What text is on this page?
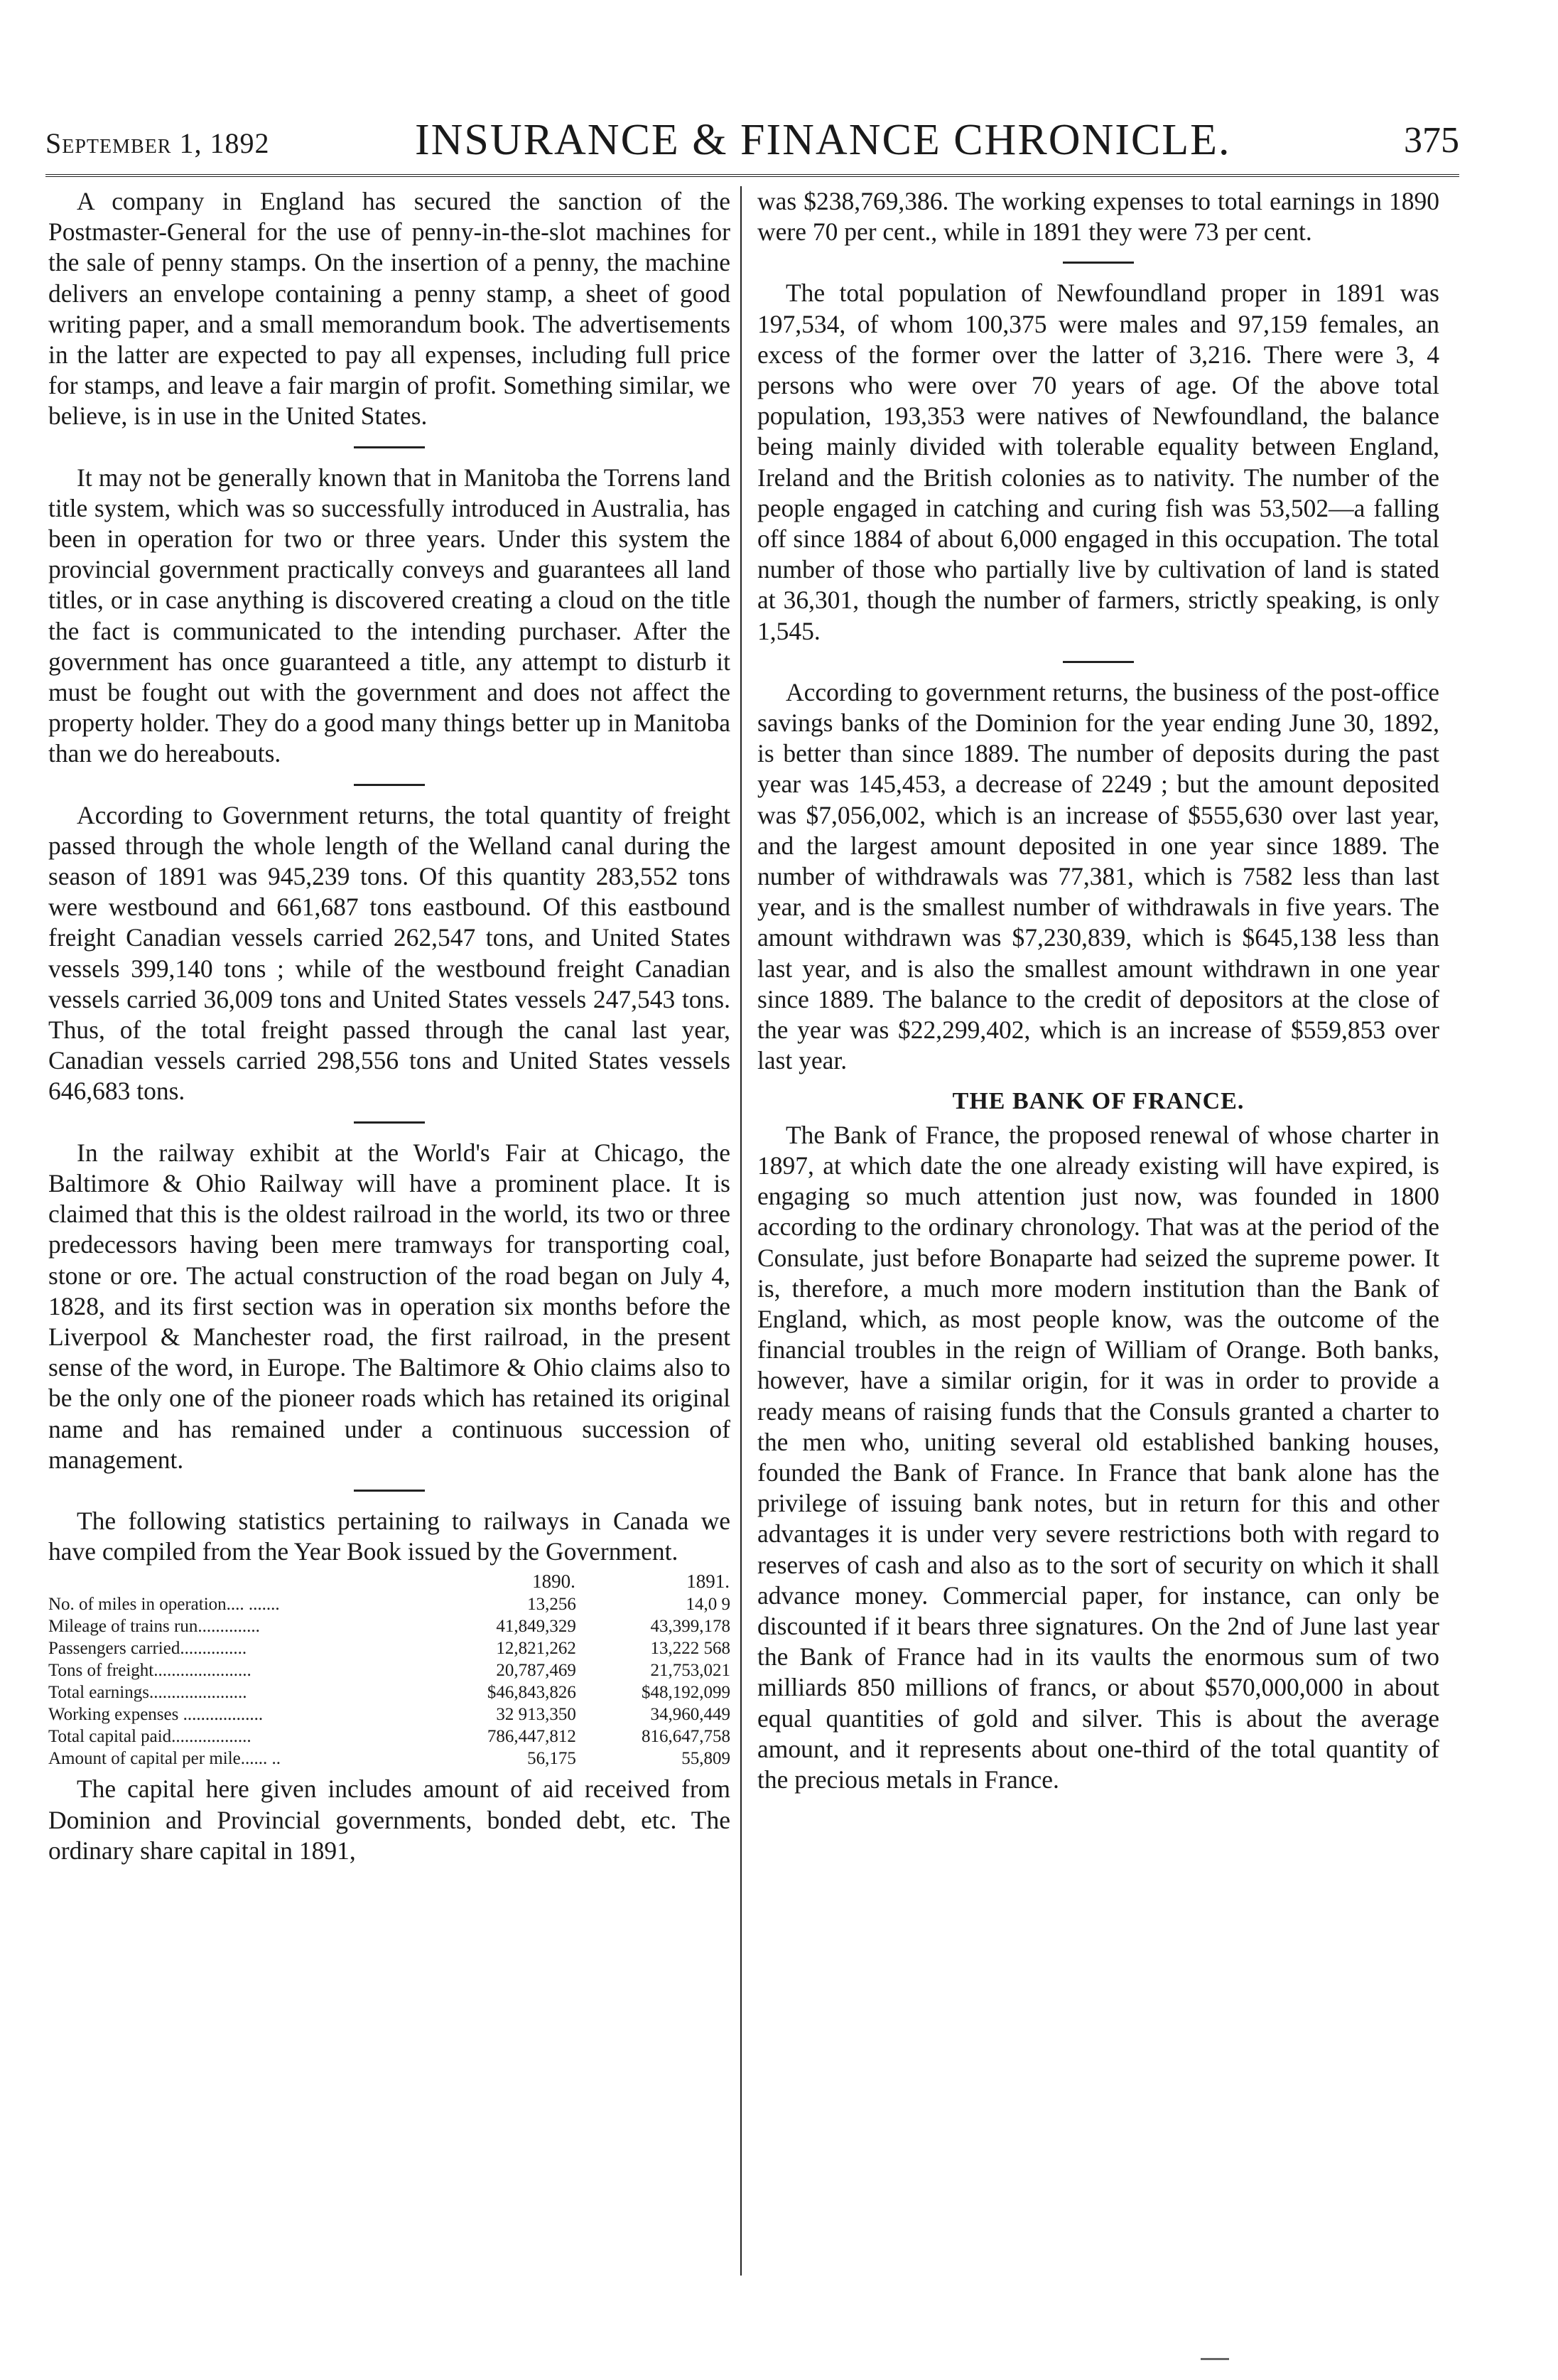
September 1, 1892	INSURANCE & FINANCE CHRONICLE.	375

A company in England has secured the sanction of the Postmaster-General for the use of penny-in-the-slot machines for the sale of penny stamps. On the insertion of a penny, the machine delivers an envelope containing a penny stamp, a sheet of good writing paper, and a small memorandum book. The advertisements in the latter are expected to pay all expenses, including full price for stamps, and leave a fair margin of profit. Something similar, we believe, is in use in the United States.

It may not be generally known that in Manitoba the Torrens land title system, which was so successfully introduced in Australia, has been in operation for two or three years. Under this system the provincial government practically conveys and guarantees all land titles, or in case anything is discovered creating a cloud on the title the fact is communicated to the intending purchaser. After the government has once guaranteed a title, any attempt to disturb it must be fought out with the government and does not affect the property holder. They do a good many things better up in Manitoba than we do hereabouts.

According to Government returns, the total quantity of freight passed through the whole length of the Welland canal during the season of 1891 was 945,239 tons. Of this quantity 283,552 tons were westbound and 661,687 tons eastbound. Of this eastbound freight Canadian vessels carried 262,547 tons, and United States vessels 399,140 tons ; while of the westbound freight Canadian vessels carried 36,009 tons and United States vessels 247,543 tons. Thus, of the total freight passed through the canal last year, Canadian vessels carried 298,556 tons and United States vessels 646,683 tons.

In the railway exhibit at the World's Fair at Chicago, the Baltimore & Ohio Railway will have a prominent place. It is claimed that this is the oldest railroad in the world, its two or three predecessors having been mere tramways for transporting coal, stone or ore. The actual construction of the road began on July 4, 1828, and its first section was in operation six months before the Liverpool & Manchester road, the first railroad, in the present sense of the word, in Europe. The Baltimore & Ohio claims also to be the only one of the pioneer roads which has retained its original name and has remained under a continuous succession of management.

The following statistics pertaining to railways in Canada we have compiled from the Year Book issued by the Government.

	1890.	1891.
No. of miles in operation.... .......	13,256	14,0 9
Mileage of trains run..............	41,849,329	43,399,178
Passengers carried...............	12,821,262	13,222 568
Tons of freight......................	20,787,469	21,753,021
Total earnings......................	$46,843,826	$48,192,099
Working expenses ..................	32 913,350	34,960,449
Total capital paid..................	786,447,812	816,647,758
Amount of capital per mile...... ..	56,175	55,809

The capital here given includes amount of aid received from Dominion and Provincial governments, bonded debt, etc. The ordinary share capital in 1891,

was $238,769,386. The working expenses to total earnings in 1890 were 70 per cent., while in 1891 they were 73 per cent.

The total population of Newfoundland proper in 1891 was 197,534, of whom 100,375 were males and 97,159 females, an excess of the former over the latter of 3,216. There were 3, 4 persons who were over 70 years of age. Of the above total population, 193,353 were natives of Newfoundland, the balance being mainly divided with tolerable equality between England, Ireland and the British colonies as to nativity. The number of the people engaged in catching and curing fish was 53,502—a falling off since 1884 of about 6,000 engaged in this occupation. The total number of those who partially live by cultivation of land is stated at 36,301, though the number of farmers, strictly speaking, is only 1,545.

According to government returns, the business of the post-office savings banks of the Dominion for the year ending June 30, 1892, is better than since 1889. The number of deposits during the past year was 145,453, a decrease of 2249 ; but the amount deposited was $7,056,002, which is an increase of $555,630 over last year, and the largest amount deposited in one year since 1889. The number of withdrawals was 77,381, which is 7582 less than last year, and is the smallest number of withdrawals in five years. The amount withdrawn was $7,230,839, which is $645,138 less than last year, and is also the smallest amount withdrawn in one year since 1889. The balance to the credit of depositors at the close of the year was $22,299,402, which is an increase of $559,853 over last year.

THE BANK OF FRANCE.

The Bank of France, the proposed renewal of whose charter in 1897, at which date the one already existing will have expired, is engaging so much attention just now, was founded in 1800 according to the ordinary chronology. That was at the period of the Consulate, just before Bonaparte had seized the supreme power. It is, therefore, a much more modern institution than the Bank of England, which, as most people know, was the outcome of the financial troubles in the reign of William of Orange. Both banks, however, have a similar origin, for it was in order to provide a ready means of raising funds that the Consuls granted a charter to the men who, uniting several old established banking houses, founded the Bank of France. In France that bank alone has the privilege of issuing bank notes, but in return for this and other advantages it is under very severe restrictions both with regard to reserves of cash and also as to the sort of security on which it shall advance money. Commercial paper, for instance, can only be discounted if it bears three signatures. On the 2nd of June last year the Bank of France had in its vaults the enormous sum of two milliards 850 millions of francs, or about $570,000,000 in about equal quantities of gold and silver. This is about the average amount, and it represents about one-third of the total quantity of the precious metals in France.
